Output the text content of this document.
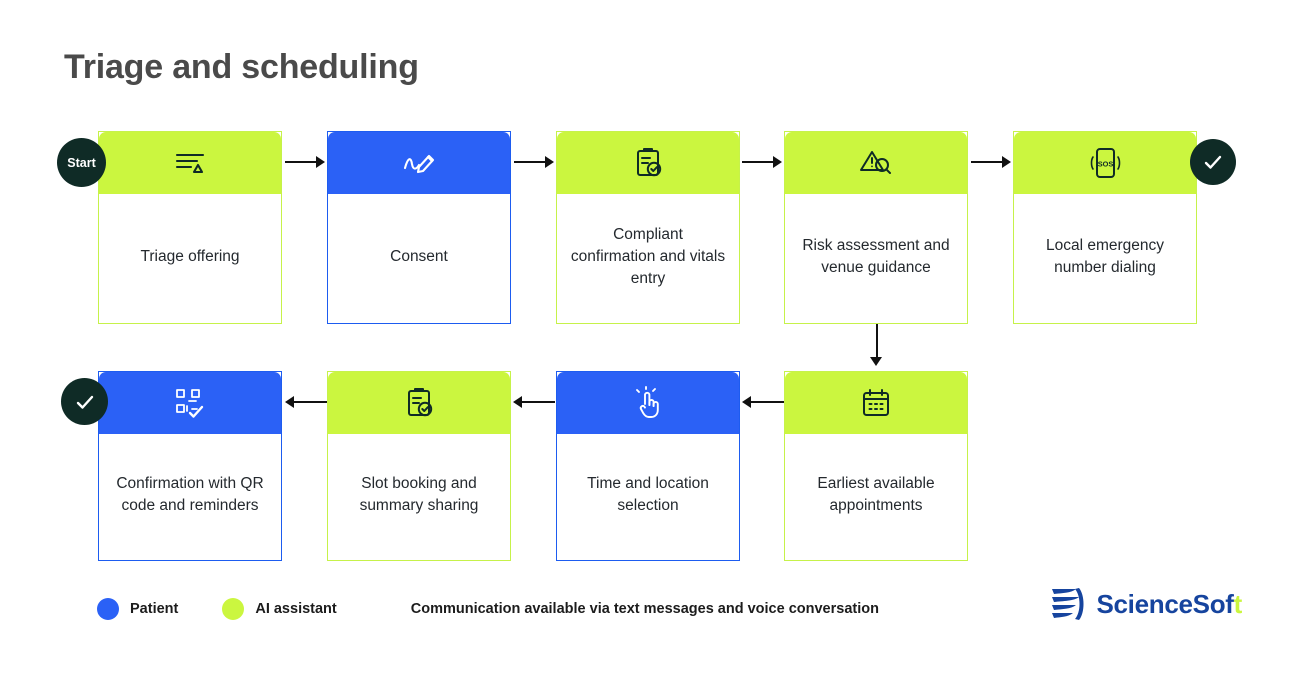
Triage and scheduling
Triage offering	Consent
Compliant confirmation and vitals entry
Risk assessment and venue guidance
SOS
Local emergency number dialing
Confirmation with QR code and reminders
Slot booking and summary sharing
Time and location selection
Earliest available appointments
Start
Patient	AI assistant	Communication available via text messages and voice conversation	ScienceSoft
